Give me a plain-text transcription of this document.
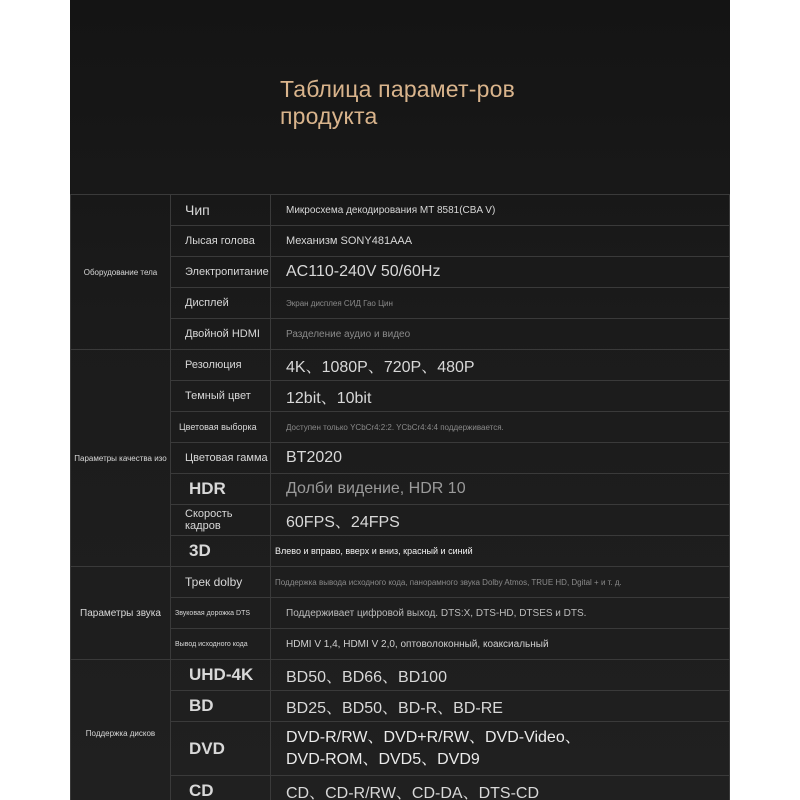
Таблица парамет-ров продукта
Оборудование тела	Чип	Микросхема декодирования MT 8581(CBA V)
	Лысая голова	Механизм SONY481AAA
	Электропитание	AC110-240V 50/60Hz
	Дисплей	Экран дисплея СИД Гао Цин
	Двойной HDMI	Разделение аудио и видео
Параметры качества изо	Резолюция	4K、1080P、720P、480P
	Темный цвет	12bit、10bit
	Цветовая выборка	Доступен только YCbCr4:2:2. YCbCr4:4:4 поддерживается.
	Цветовая гамма	BT2020
	HDR	Долби видение, HDR 10
	Скорость кадров	60FPS、24FPS
	3D	Влево и вправо, вверх и вниз, красный и синий
Параметры звука	Трек dolby	Поддержка вывода исходного кода, панорамного звука Dolby Atmos, TRUE HD, Dgital + и т. д.
	Звуковая дорожка DTS	Поддерживает цифровой выход. DTS:X, DTS-HD, DTSES и DTS.
	Вывод исходного кода	HDMI V 1,4, HDMI V 2,0, оптоволоконный, коаксиальный
Поддержка дисков	UHD-4K	BD50、BD66、BD100
	BD	BD25、BD50、BD-R、BD-RE
	DVD	DVD-R/RW、DVD+R/RW、DVD-Video、
DVD-ROM、DVD5、DVD9

	CD	CD、CD-R/RW、CD-DA、DTS-CD
